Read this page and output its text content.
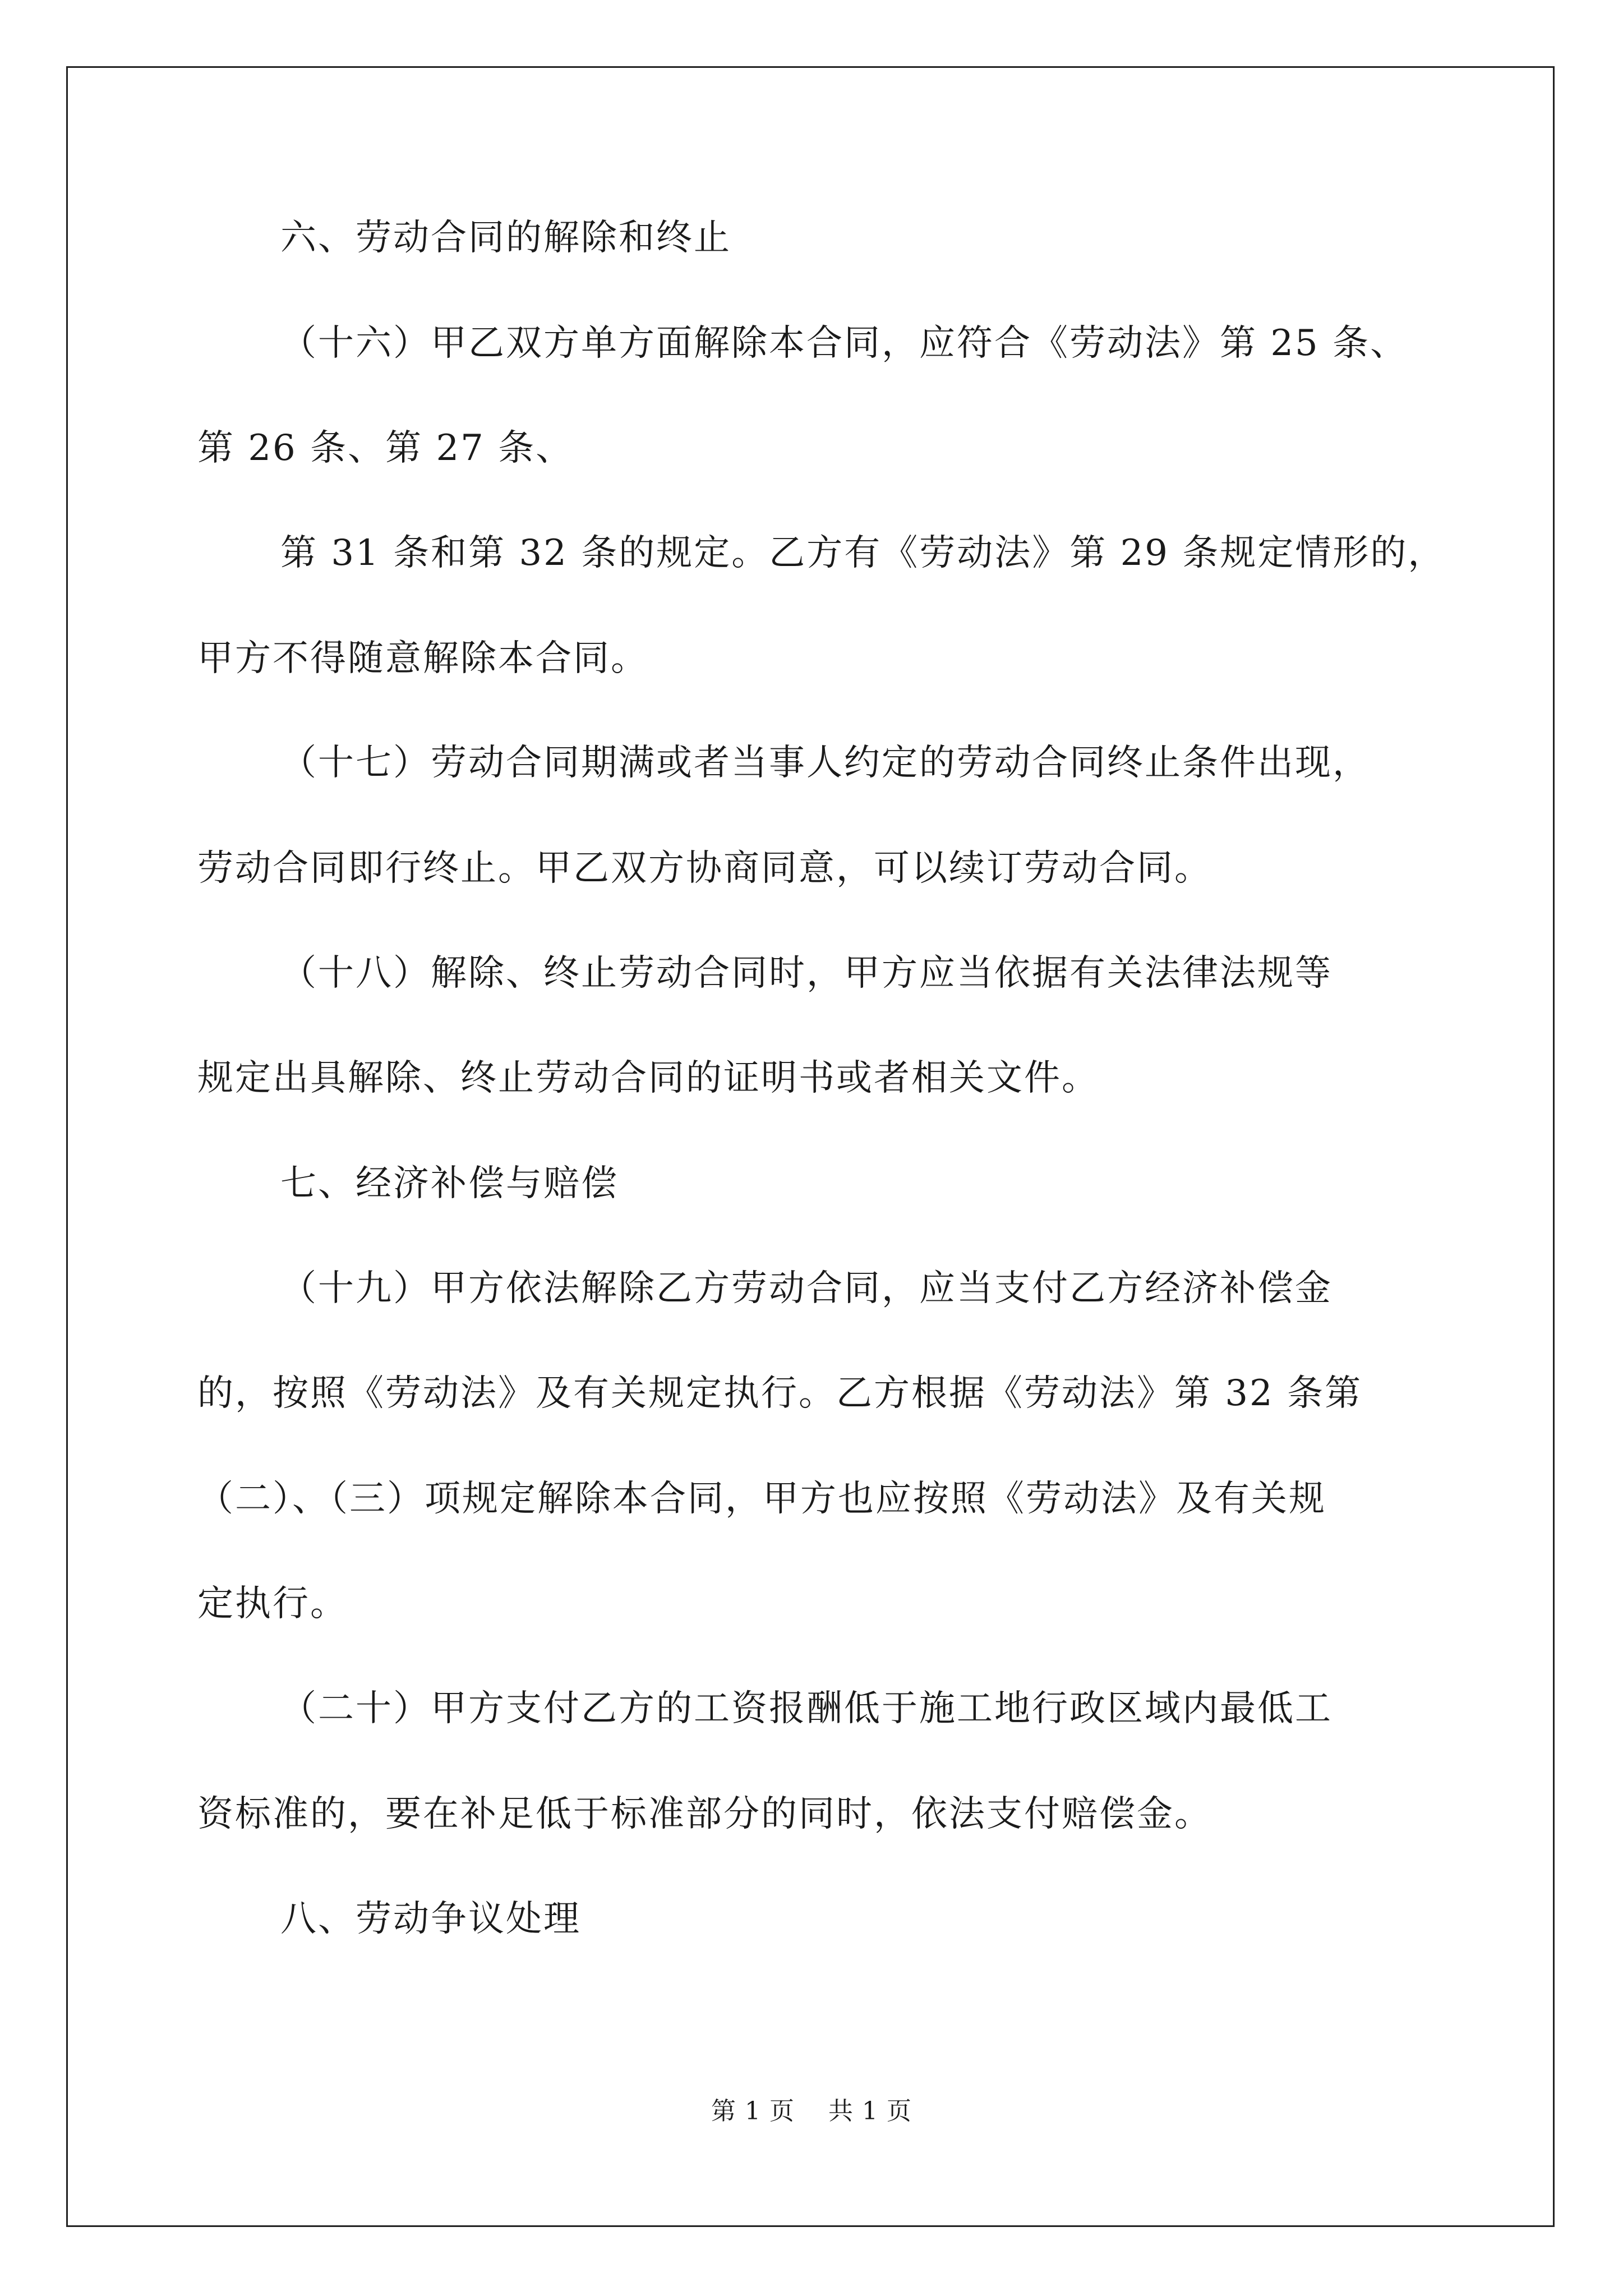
六、劳动合同的解除和终止

（十六）甲乙双方单方面解除本合同，应符合《劳动法》第 25 条、

第 26 条、第 27 条、

第 31 条和第 32 条的规定。乙方有《劳动法》第 29 条规定情形的，

甲方不得随意解除本合同。

（十七）劳动合同期满或者当事人约定的劳动合同终止条件出现，

劳动合同即行终止。甲乙双方协商同意，可以续订劳动合同。

（十八）解除、终止劳动合同时，甲方应当依据有关法律法规等

规定出具解除、终止劳动合同的证明书或者相关文件。

七、经济补偿与赔偿

（十九）甲方依法解除乙方劳动合同，应当支付乙方经济补偿金

的，按照《劳动法》及有关规定执行。乙方根据《劳动法》第 32 条第

（二）、（三）项规定解除本合同，甲方也应按照《劳动法》及有关规

定执行。

（二十）甲方支付乙方的工资报酬低于施工地行政区域内最低工

资标准的，要在补足低于标准部分的同时，依法支付赔偿金。

八、劳动争议处理

第 1 页　 共 1 页
